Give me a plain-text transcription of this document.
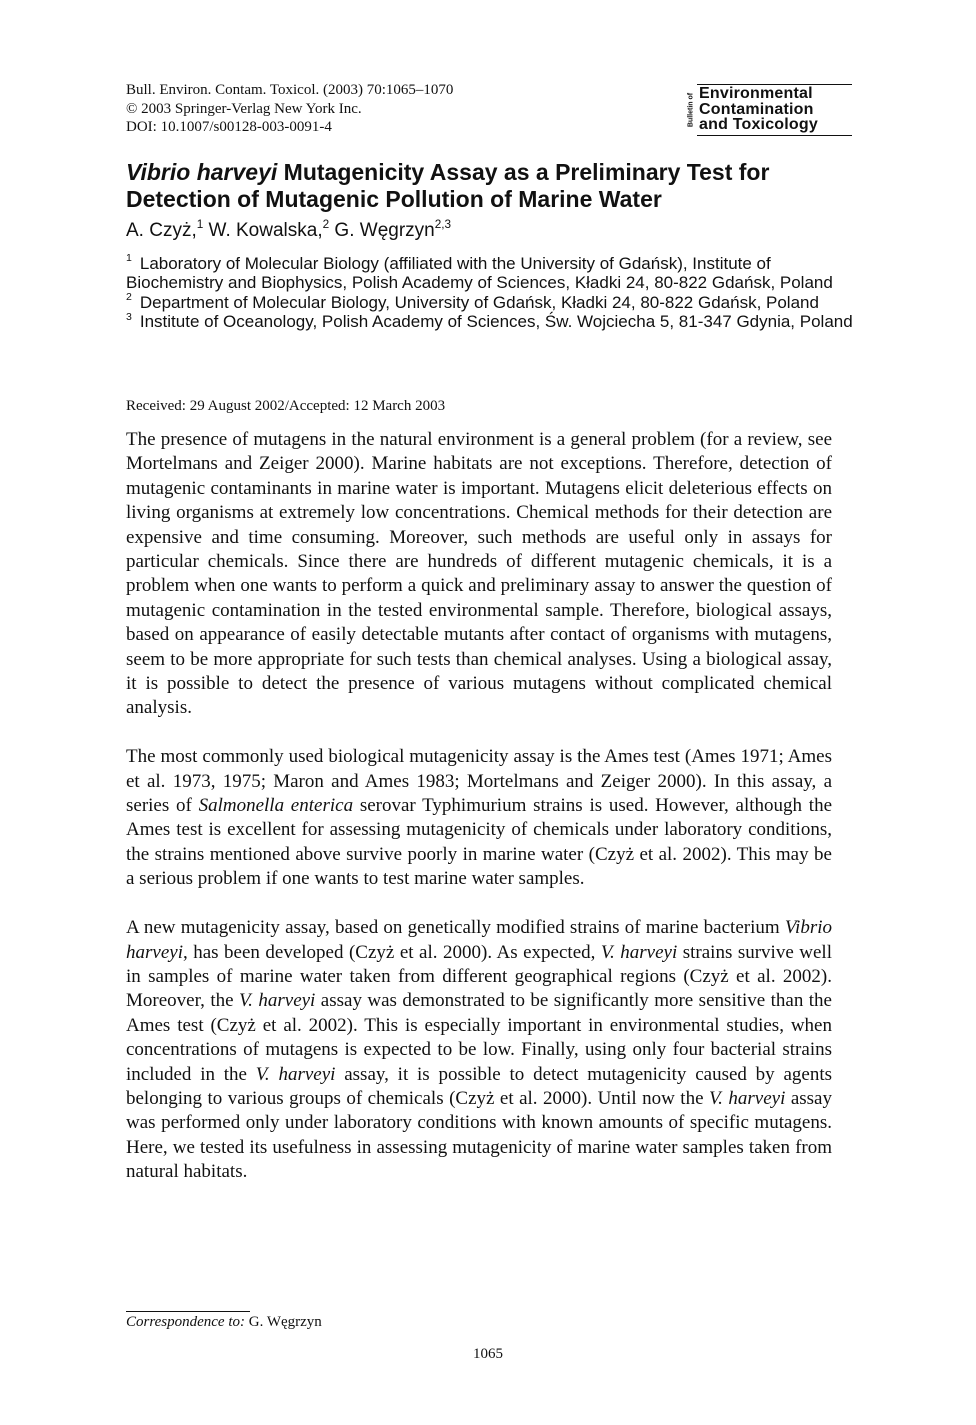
Bull. Environ. Contam. Toxicol. (2003) 70:1065–1070
© 2003 Springer-Verlag New York Inc.
DOI: 10.1007/s00128-003-0091-4	Bulletin of Environmental
Contamination
and Toxicology
Vibrio harveyi Mutagenicity Assay as a Preliminary Test for Detection of Mutagenic Pollution of Marine Water
A. Czyż,$^1$ W. Kowalska,$^2$ G. Węgrzyn$^{2,3}$

$^1$ Laboratory of Molecular Biology (affiliated with the University of Gdańsk), Institute of Biochemistry and Biophysics, Polish Academy of Sciences, Kładki 24, 80-822 Gdańsk, Poland

$^2$ Department of Molecular Biology, University of Gdańsk, Kładki 24, 80-822 Gdańsk, Poland

$^3$ Institute of Oceanology, Polish Academy of Sciences, Św. Wojciecha 5, 81-347 Gdynia, Poland

Received: 29 August 2002/Accepted: 12 March 2003

The presence of mutagens in the natural environment is a general problem (for a review, see Mortelmans and Zeiger 2000). Marine habitats are not exceptions. Therefore, detection of mutagenic contaminants in marine water is important. Mutagens elicit deleterious effects on living organisms at extremely low concentrations. Chemical methods for their detection are expensive and time consuming. Moreover, such methods are useful only in assays for particular chemicals. Since there are hundreds of different mutagenic chemicals, it is a problem when one wants to perform a quick and preliminary assay to answer the question of mutagenic contamination in the tested environmental sample. Therefore, biological assays, based on appearance of easily detectable mutants after contact of organisms with mutagens, seem to be more appropriate for such tests than chemical analyses. Using a biological assay, it is possible to detect the presence of various mutagens without complicated chemical analysis.

The most commonly used biological mutagenicity assay is the Ames test (Ames 1971; Ames et al. 1973, 1975; Maron and Ames 1983; Mortelmans and Zeiger 2000). In this assay, a series of Salmonella enterica serovar Typhimurium strains is used. However, although the Ames test is excellent for assessing mutagenicity of chemicals under laboratory conditions, the strains mentioned above survive poorly in marine water (Czyż et al. 2002). This may be a serious problem if one wants to test marine water samples.

A new mutagenicity assay, based on genetically modified strains of marine bacterium Vibrio harveyi, has been developed (Czyż et al. 2000). As expected, V. harveyi strains survive well in samples of marine water taken from different geographical regions (Czyż et al. 2002). Moreover, the V. harveyi assay was demonstrated to be significantly more sensitive than the Ames test (Czyż et al. 2002). This is especially important in environmental studies, when concentrations of mutagens is expected to be low. Finally, using only four bacterial strains included in the V. harveyi assay, it is possible to detect mutagenicity caused by agents belonging to various groups of chemicals (Czyż et al. 2000). Until now the V. harveyi assay was performed only under laboratory conditions with known amounts of specific mutagens. Here, we tested its usefulness in assessing mutagenicity of marine water samples taken from natural habitats.

Correspondence to: G. Węgrzyn
1065
